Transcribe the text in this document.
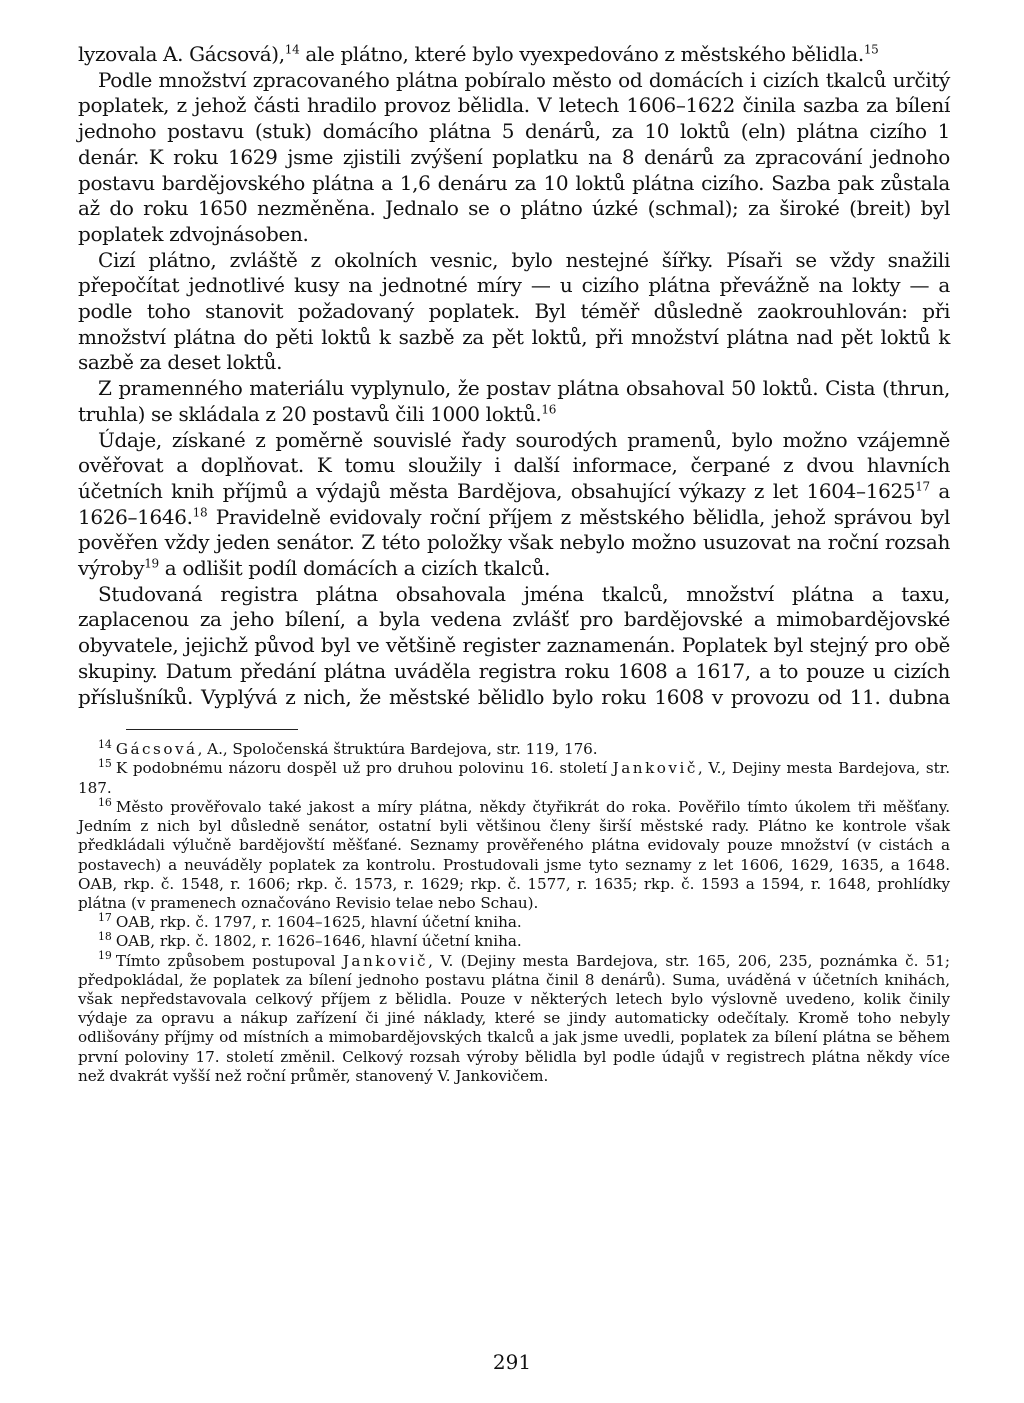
lyzovala A. Gácsová),$^{14}$ ale plátno, které bylo vyexpedováno z městského bělidla.$^{15}$

Podle množství zpracovaného plátna pobíralo město od domácích i cizích tkalců určitý poplatek, z jehož části hradilo provoz bělidla. V letech 1606–1622 činila sazba za bílení jednoho postavu (stuk) domácího plátna 5 denárů, za 10 loktů (eln) plátna cizího 1 denár. K roku 1629 jsme zjistili zvýšení poplatku na 8 denárů za zpracování jednoho postavu bardějovského plátna a 1,6 denáru za 10 loktů plátna cizího. Sazba pak zůstala až do roku 1650 nezměněna. Jednalo se o plátno úzké (schmal); za široké (breit) byl poplatek zdvojnásoben.

Cizí plátno, zvláště z okolních vesnic, bylo nestejné šířky. Písaři se vždy snažili přepočítat jednotlivé kusy na jednotné míry — u cizího plátna převážně na lokty — a podle toho stanovit požadovaný poplatek. Byl téměř důsledně zaokrouhlován: při množství plátna do pěti loktů k sazbě za pět loktů, při množství plátna nad pět loktů k sazbě za deset loktů.

Z pramenného materiálu vyplynulo, že postav plátna obsahoval 50 loktů. Cista (thrun, truhla) se skládala z 20 postavů čili 1000 loktů.$^{16}$

Údaje, získané z poměrně souvislé řady sourodých pramenů, bylo možno vzájemně ověřovat a doplňovat. K tomu sloužily i další informace, čerpané z dvou hlavních účetních knih příjmů a výdajů města Bardějova, obsahující výkazy z let 1604–1625$^{17}$ a 1626–1646.18 Pravidelně evidovaly roční příjem z městského bělidla, jehož správou byl pověřen vždy jeden senátor. Z této položky však nebylo možno usuzovat na roční rozsah výroby$^{19}$ a odlišit podíl domácích a cizích tkalců.

Studovaná registra plátna obsahovala jména tkalců, množství plátna a taxu, zaplacenou za jeho bílení, a byla vedena zvlášť pro bardějovské a mimobardějovské obyvatele, jejichž původ byl ve většině register zaznamenán. Poplatek byl stejný pro obě skupiny. Datum předání plátna uváděla registra roku 1608 a 1617, a to pouze u cizích příslušníků. Vyplývá z nich, že městské bělidlo bylo roku 1608 v provozu od 11. dubna

$^{14}$ Gácsová, A., Spoločenská štruktúra Bardejova, str. 119, 176.

$^{15}$ K podobnému názoru dospěl už pro druhou polovinu 16. století Jankovič, V., Dejiny mesta Bardejova, str. 187.

$^{16}$ Město prověřovalo také jakost a míry plátna, někdy čtyřikrát do roka. Pověřilo tímto úkolem tři měšťany. Jedním z nich byl důsledně senátor, ostatní byli většinou členy širší městské rady. Plátno ke kontrole však předkládali výlučně bardějovští měšťané. Seznamy prověřeného plátna evidovaly pouze množství (v cistách a postavech) a neuváděly poplatek za kontrolu. Prostudovali jsme tyto seznamy z let 1606, 1629, 1635, a 1648. OAB, rkp. č. 1548, r. 1606; rkp. č. 1573, r. 1629; rkp. č. 1577, r. 1635; rkp. č. 1593 a 1594, r. 1648, prohlídky plátna (v pramenech označováno Revisio telae nebo Schau).

$^{17}$ OAB, rkp. č. 1797, r. 1604–1625, hlavní účetní kniha.

$^{18}$ OAB, rkp. č. 1802, r. 1626–1646, hlavní účetní kniha.

$^{19}$ Tímto způsobem postupoval Jankovič, V. (Dejiny mesta Bardejova, str. 165, 206, 235, poznámka č. 51; předpokládal, že poplatek za bílení jednoho postavu plátna činil 8 denárů). Suma, uváděná v účetních knihách, však nepředstavovala celkový příjem z bělidla. Pouze v některých letech bylo výslovně uvedeno, kolik činily výdaje za opravu a nákup zařízení či jiné náklady, které se jindy automaticky odečítaly. Kromě toho nebyly odlišovány příjmy od místních a mimobardějovských tkalců a jak jsme uvedli, poplatek za bílení plátna se během první poloviny 17. století změnil. Celkový rozsah výroby bělidla byl podle údajů v registrech plátna někdy více než dvakrát vyšší než roční průměr, stanovený V. Jankovičem.

291
